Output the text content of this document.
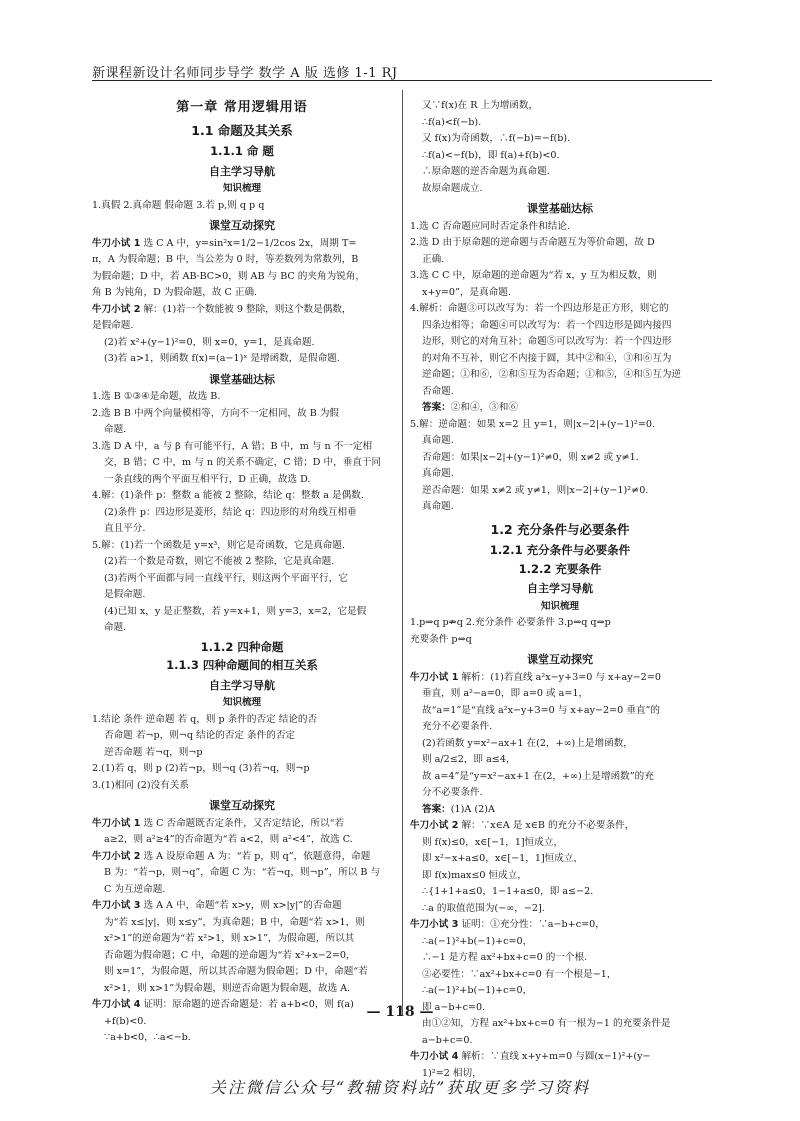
新课程新设计名师同步导学 数学 A 版 选修 1-1 RJ
第一章 常用逻辑用语
1.1 命题及其关系
1.1.1 命 题
自主学习导航
知识梳理
1.真假 2.真命题 假命题 3.若 p,则 q p q
课堂互动探究
牛刀小试 1 选 C A 中，y=sin²x=1/2−1/2cos 2x，周期 T=
π，A 为假命题；B 中，当公差为 0 时，等差数列为常数列，B
为假命题；D 中，若 AB·BC>0，则 AB 与 BC 的夹角为锐角，
角 B 为钝角，D 为假命题，故 C 正确.
牛刀小试 2 解：(1)若一个数能被 9 整除，则这个数是偶数，
是假命题.
(2)若 x²+(y−1)²=0，则 x=0，y=1，是真命题.
(3)若 a>1，则函数 f(x)=(a−1)ˣ 是增函数，是假命题.
课堂基础达标
1.选 B ①③④是命题，故选 B.
2.选 B B 中两个向量模相等，方向不一定相同，故 B 为假
命题.
3.选 D A 中，a 与 β 有可能平行，A 错；B 中，m 与 n 不一定相
交，B 错；C 中，m 与 n 的关系不确定，C 错；D 中，垂直于同
一条直线的两个平面互相平行，D 正确，故选 D.
4.解：(1)条件 p：整数 a 能被 2 整除，结论 q：整数 a 是偶数.
(2)条件 p：四边形是菱形，结论 q：四边形的对角线互相垂
直且平分.
5.解：(1)若一个函数是 y=x³，则它是奇函数，它是真命题.
(2)若一个数是奇数，则它不能被 2 整除，它是真命题.
(3)若两个平面都与同一直线平行，则这两个平面平行，它
是假命题.
(4)已知 x，y 是正整数，若 y=x+1，则 y=3，x=2，它是假
命题.
1.1.2 四种命题
1.1.3 四种命题间的相互关系
自主学习导航
知识梳理
1.结论 条件 逆命题 若 q，则 p 条件的否定 结论的否
否命题 若¬p，则¬q 结论的否定 条件的否定
逆否命题 若¬q，则¬p
2.(1)若 q，则 p (2)若¬p，则¬q (3)若¬q，则¬p
3.(1)相同 (2)没有关系
课堂互动探究
牛刀小试 1 选 C 否命题既否定条件，又否定结论，所以“若
a≥2，则 a²≥4”的否命题为“若 a<2，则 a²<4”，故选 C.
牛刀小试 2 选 A 设原命题 A 为：“若 p，则 q”，依题意得，命题
B 为：“若¬p，则¬q”，命题 C 为：“若¬q，则¬p”，所以 B 与
C 为互逆命题.
牛刀小试 3 选 A A 中，命题“若 x>y，则 x>|y|”的否命题
为“若 x≤|y|，则 x≤y”，为真命题；B 中，命题“若 x>1，则
x²>1”的逆命题为“若 x²>1，则 x>1”，为假命题，所以其
否命题为假命题；C 中，命题的逆命题为“若 x²+x−2=0，
则 x=1”，为假命题，所以其否命题为假命题；D 中，命题“若
x²>1，则 x>1”为假命题，则逆否命题为假命题，故选 A.
牛刀小试 4 证明：原命题的逆否命题是：若 a+b<0，则 f(a)
+f(b)<0.
∵a+b<0，∴a<−b.
又∵f(x)在 R 上为增函数，
∴f(a)<f(−b).
又 f(x)为奇函数，∴f(−b)=−f(b).
∴f(a)<−f(b)，即 f(a)+f(b)<0.
∴原命题的逆否命题为真命题.
故原命题成立.
课堂基础达标
1.选 C 否命题应同时否定条件和结论.
2.选 D 由于原命题的逆命题与否命题互为等价命题，故 D
正确.
3.选 C C 中，原命题的逆命题为“若 x，y 互为相反数，则
x+y=0”，是真命题.
4.解析：命题③可以改写为：若一个四边形是正方形，则它的
四条边相等；命题④可以改写为：若一个四边形是圆内接四
边形，则它的对角互补；命题⑤可以改写为：若一个四边形
的对角不互补，则它不内接于圆，其中②和④，③和⑥互为
逆命题；①和⑥，②和⑤互为否命题；①和⑤，④和⑤互为逆
否命题.
答案：②和④，③和⑥
5.解：逆命题：如果 x=2 且 y=1，则|x−2|+(y−1)²=0.
真命题.
否命题：如果|x−2|+(y−1)²≠0，则 x≠2 或 y≠1.
真命题.
逆否命题：如果 x≠2 或 y≠1，则|x−2|+(y−1)²≠0.
真命题.
1.2 充分条件与必要条件
1.2.1 充分条件与必要条件
1.2.2 充要条件
自主学习导航
知识梳理
1.p⇒q p⇏q 2.充分条件 必要条件 3.p⇒q q⇒p
充要条件 p⇔q
课堂互动探究
牛刀小试 1 解析：(1)若直线 a²x−y+3=0 与 x+ay−2=0
垂直，则 a²−a=0，即 a=0 或 a=1，
故“a=1”是“直线 a²x−y+3=0 与 x+ay−2=0 垂直”的
充分不必要条件.
(2)若函数 y=x²−ax+1 在(2，+∞)上是增函数，
则 a/2≤2，即 a≤4，
故 a=4”是“y=x²−ax+1 在(2，+∞)上是增函数”的充
分不必要条件.
答案：(1)A (2)A
牛刀小试 2 解：∵x∈A 是 x∈B 的充分不必要条件，
则 f(x)≤0，x∈[−1，1]恒成立，
即 x²−x+a≤0，x∈[−1，1]恒成立，
即 f(x)max≤0 恒成立，
∴{1+1+a≤0，1−1+a≤0，即 a≤−2.
∴a 的取值范围为(−∞，−2].
牛刀小试 3 证明：①充分性：∵a−b+c=0，
∴a(−1)²+b(−1)+c=0，
∴−1 是方程 ax²+bx+c=0 的一个根.
②必要性：∵ax²+bx+c=0 有一个根是−1，
∴a(−1)²+b(−1)+c=0，
即 a−b+c=0.
由①②知，方程 ax²+bx+c=0 有一根为−1 的充要条件是
a−b+c=0.
牛刀小试 4 解析：∵直线 x+y+m=0 与圆(x−1)²+(y−
1)²=2 相切，
— 118 —
关注微信公众号“教辅资料站”获取更多学习资料
